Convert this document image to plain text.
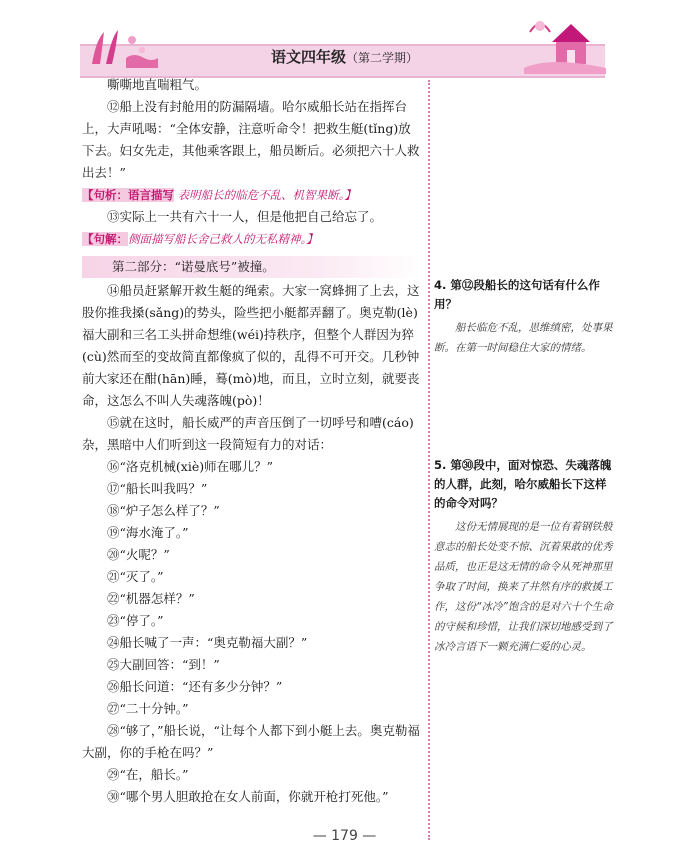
语文四年级（第二学期）

嘶嘶地直喘粗气。

⑫船上没有封舱用的防漏隔墙。哈尔威船长站在指挥台上，大声吼喝：“全体安静，注意听命令！把救生艇(tǐng)放下去。妇女先走，其他乘客跟上，船员断后。必须把六十人救出去！”

【句析：语言描写 表明船长的临危不乱、机智果断。】

⑬实际上一共有六十一人，但是他把自己给忘了。

【句解：侧面描写船长舍己救人的无私精神。】

第二部分：“诺曼底号”被撞。

⑭船员赶紧解开救生艇的绳索。大家一窝蜂拥了上去，这股你推我搡(sǎng)的势头，险些把小艇都弄翻了。奥克勒(lè)福大副和三名工头拼命想维(wéi)持秩序，但整个人群因为猝(cù)然而至的变故简直都像疯了似的，乱得不可开交。几秒钟前大家还在酣(hān)睡，蓦(mò)地，而且，立时立刻，就要丧命，这怎么不叫人失魂落魄(pò)！

⑮就在这时，船长威严的声音压倒了一切呼号和嘈(cáo)杂，黑暗中人们听到这一段简短有力的对话：

⑯“洛克机械(xiè)师在哪儿？”

⑰“船长叫我吗？”

⑱“炉子怎么样了？”

⑲“海水淹了。”

⑳“火呢？”

㉑“灭了。”

㉒“机器怎样？”

㉓“停了。”

㉔船长喊了一声：“奥克勒福大副？”

㉕大副回答：“到！”

㉖船长问道：“还有多少分钟？”

㉗“二十分钟。”

㉘“够了，”船长说，“让每个人都下到小艇上去。奥克勒福大副，你的手枪在吗？”

㉙“在，船长。”

㉚“哪个男人胆敢抢在女人前面，你就开枪打死他。”

4. 第⑫段船长的这句话有什么作用？

船长临危不乱，思维缜密，处事果断。在第一时间稳住大家的情绪。

5. 第㉚段中，面对惊恐、失魂落魄的人群，此刻，哈尔威船长下这样的命令对吗？

这份无情展现的是一位有着钢铁般意志的船长处变不惊、沉着果敢的优秀品质，也正是这无情的命令从死神那里争取了时间，换来了井然有序的救援工作，这份“冰冷”饱含的是对六十个生命的守候和珍惜，让我们深切地感受到了冰冷言语下一颗充满仁爱的心灵。

— 179 —
